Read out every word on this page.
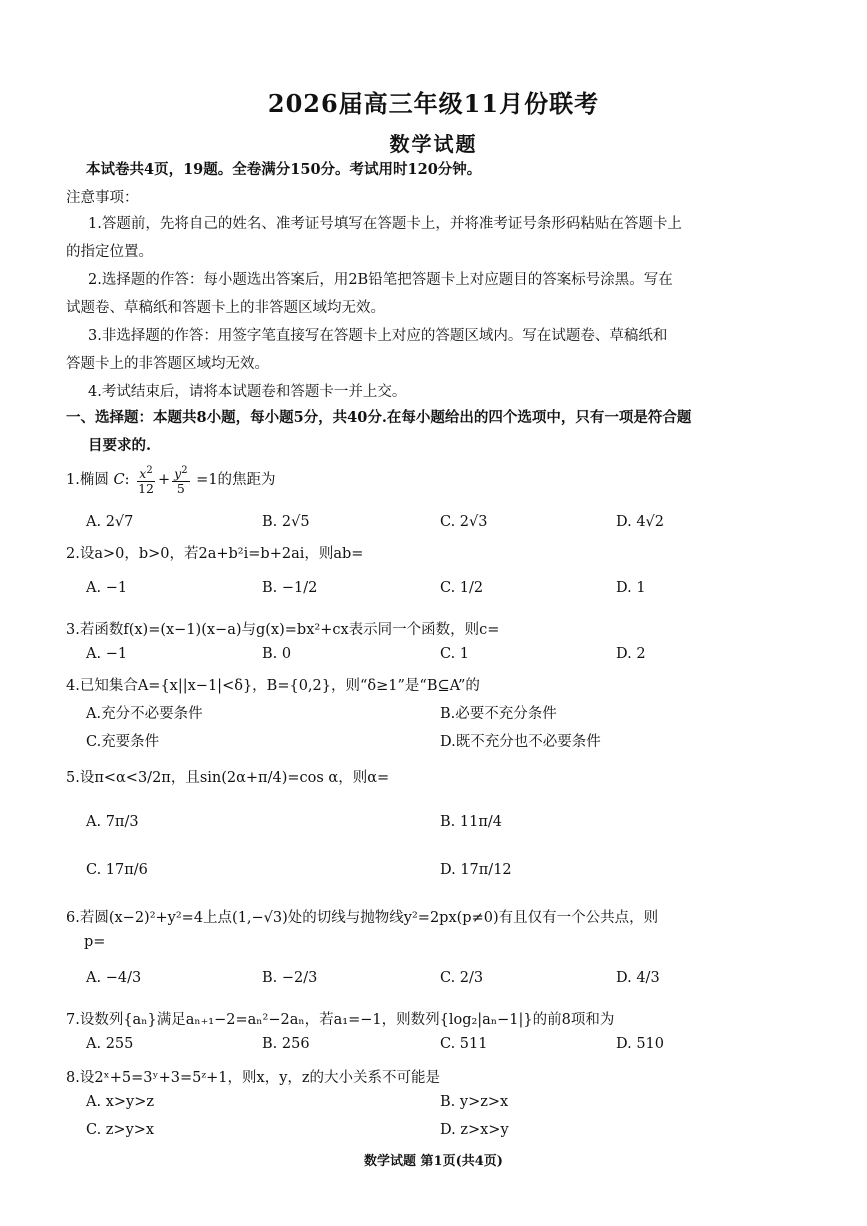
2026届高三年级11月份联考
数学试题
本试卷共4页，19题。全卷满分150分。考试用时120分钟。
注意事项：
1.答题前，先将自己的姓名、准考证号填写在答题卡上，并将准考证号条形码粘贴在答题卡上
的指定位置。
2.选择题的作答：每小题选出答案后，用2B铅笔把答题卡上对应题目的答案标号涂黑。写在
试题卷、草稿纸和答题卡上的非答题区域均无效。
3.非选择题的作答：用签字笔直接写在答题卡上对应的答题区域内。写在试题卷、草稿纸和
答题卡上的非答题区域均无效。
4.考试结束后，请将本试题卷和答题卡一并上交。
一、选择题：本题共8小题，每小题5分，共40分.在每小题给出的四个选项中，只有一项是符合题
目要求的.
1.椭圆 C: $\frac{x^2}{12} + \frac{y^2}{5} =1$的焦距为
A. 2√7	B. 2√5	C. 2√3	D. 4√2
2.设a>0，b>0，若2a+b²i=b+2ai，则ab=
A. −1	B. −1/2	C. 1/2	D. 1
3.若函数f(x)=(x−1)(x−a)与g(x)=bx²+cx表示同一个函数，则c=
A. −1	B. 0	C. 1	D. 2
4.已知集合A={x||x−1|<δ}，B={0,2}，则“δ≥1”是“B⊆A”的
A.充分不必要条件	B.必要不充分条件
C.充要条件	D.既不充分也不必要条件
5.设π<α<3/2π，且sin(2α+π/4)=cos α，则α=
A. 7π/3	B. 11π/4
C. 17π/6	D. 17π/12
6.若圆(x−2)²+y²=4上点(1,−√3)处的切线与抛物线y²=2px(p≠0)有且仅有一个公共点，则
p=
A. −4/3	B. −2/3	C. 2/3	D. 4/3
7.设数列{aₙ}满足aₙ₊₁−2=aₙ²−2aₙ，若a₁=−1，则数列{log₂|aₙ−1|}的前8项和为
A. 255	B. 256	C. 511	D. 510
8.设2ˣ+5=3ʸ+3=5ᶻ+1，则x，y，z的大小关系不可能是
A. x>y>z	B. y>z>x
C. z>y>x	D. z>x>y
数学试题 第1页(共4页)
